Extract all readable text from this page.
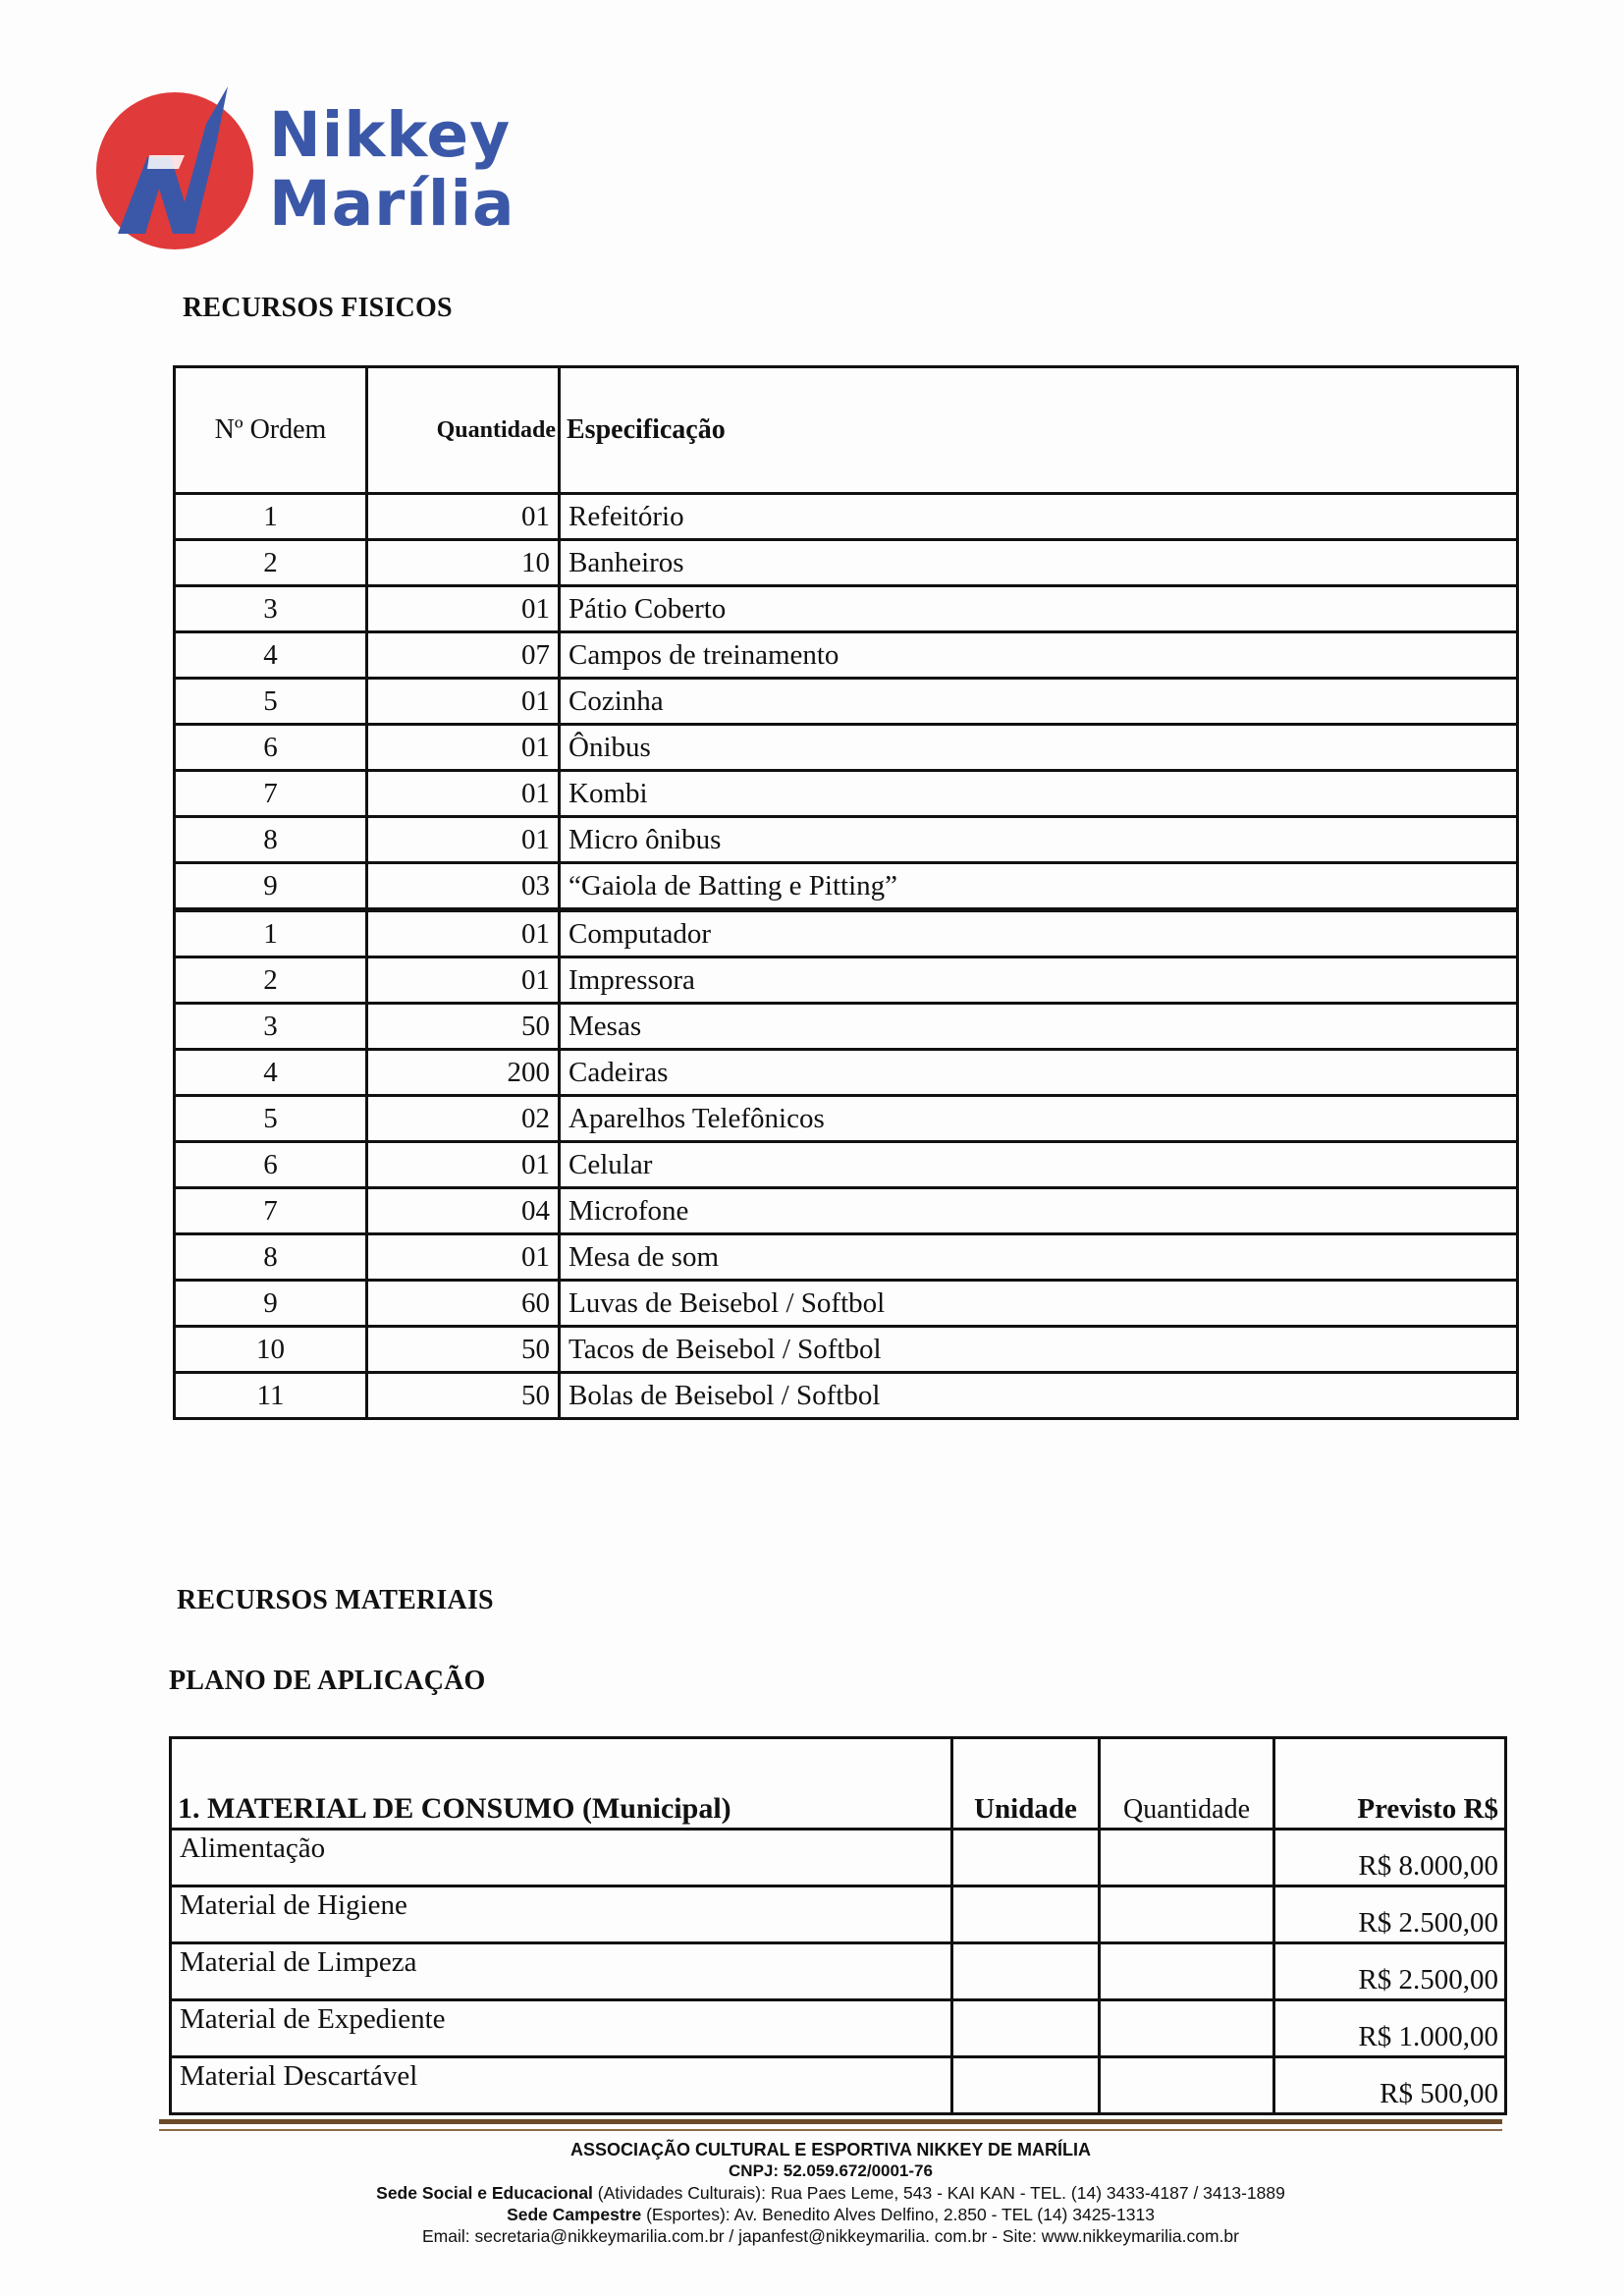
Nikkey
Marília
RECURSOS FISICOS
Nº Ordem	Quantidade	Especificação
1	01	Refeitório
2	10	Banheiros
3	01	Pátio Coberto
4	07	Campos de treinamento
5	01	Cozinha
6	01	Ônibus
7	01	Kombi
8	01	Micro ônibus
9	03	“Gaiola de Batting e Pitting”
1	01	Computador
2	01	Impressora
3	50	Mesas
4	200	Cadeiras
5	02	Aparelhos Telefônicos
6	01	Celular
7	04	Microfone
8	01	Mesa de som
9	60	Luvas de Beisebol / Softbol
10	50	Tacos de Beisebol / Softbol
11	50	Bolas de Beisebol / Softbol
RECURSOS MATERIAIS
PLANO DE APLICAÇÃO
1. MATERIAL DE CONSUMO (Municipal)	Unidade	Quantidade	Previsto R$
Alimentação			R$ 8.000,00
Material de Higiene			R$ 2.500,00
Material de Limpeza			R$ 2.500,00
Material de Expediente			R$ 1.000,00
Material Descartável			R$ 500,00
ASSOCIAÇÃO CULTURAL E ESPORTIVA NIKKEY DE MARÍLIA
CNPJ: 52.059.672/0001-76
Sede Social e Educacional (Atividades Culturais): Rua Paes Leme, 543 - KAI KAN - TEL. (14) 3433-4187 / 3413-1889
Sede Campestre (Esportes): Av. Benedito Alves Delfino, 2.850 - TEL (14) 3425-1313
Email: secretaria@nikkeymarilia.com.br / japanfest@nikkeymarilia. com.br - Site: www.nikkeymarilia.com.br
